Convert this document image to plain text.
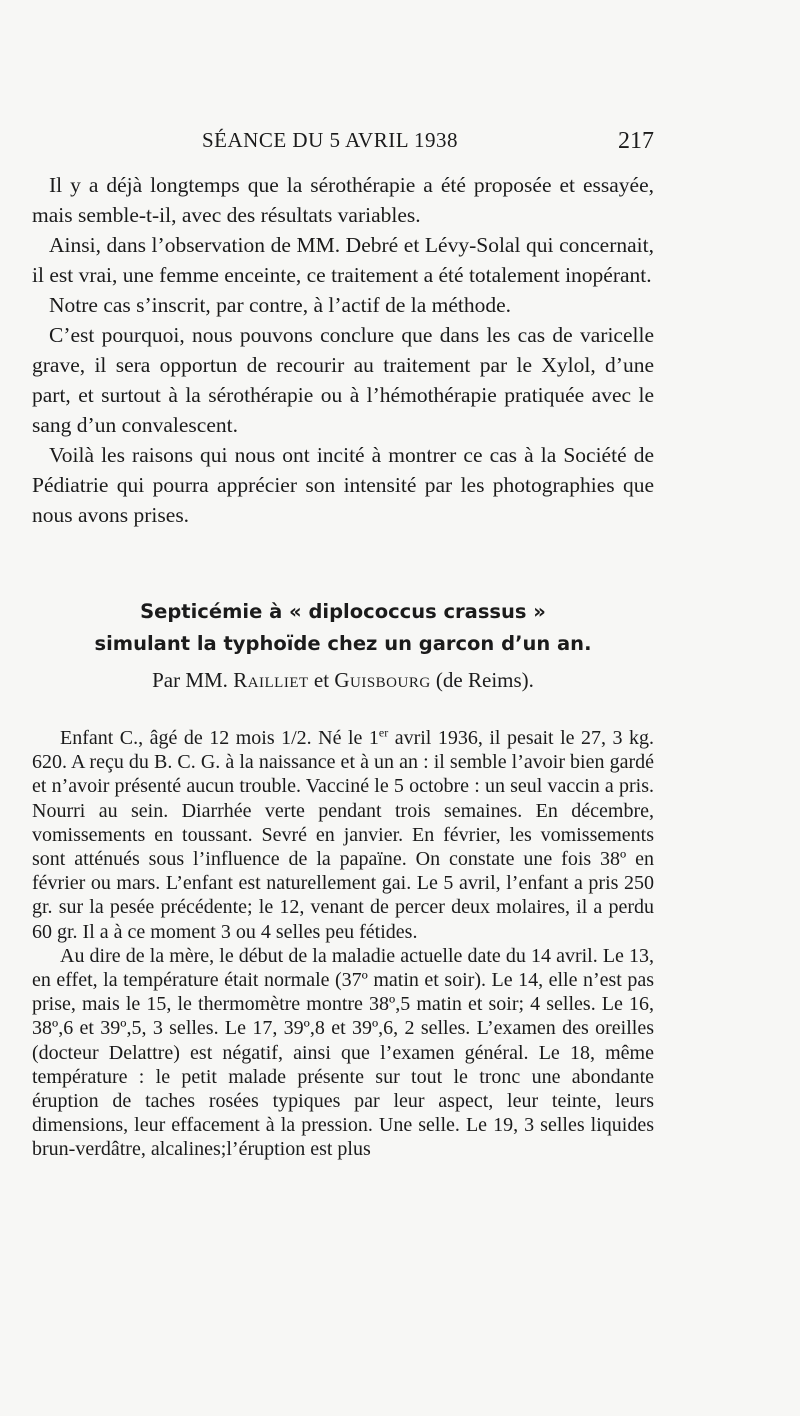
SÉANCE DU 5 AVRIL 1938	217

Il y a déjà longtemps que la sérothérapie a été proposée et essayée, mais semble-t-il, avec des résultats variables.

Ainsi, dans l’observation de MM. Debré et Lévy-Solal qui concernait, il est vrai, une femme enceinte, ce traitement a été totalement inopérant.

Notre cas s’inscrit, par contre, à l’actif de la méthode.

C’est pourquoi, nous pouvons conclure que dans les cas de varicelle grave, il sera opportun de recourir au traitement par le Xylol, d’une part, et surtout à la sérothérapie ou à l’hémothérapie pratiquée avec le sang d’un convalescent.

Voilà les raisons qui nous ont incité à montrer ce cas à la Société de Pédiatrie qui pourra apprécier son intensité par les photographies que nous avons prises.

Septicémie à « diplococcus crassus »
simulant la typhoïde chez un garcon d’un an.
Par MM. Railliet et Guisbourg (de Reims).

Enfant C., âgé de 12 mois 1/2. Né le 1er avril 1936, il pesait le 27, 3 kg. 620. A reçu du B. C. G. à la naissance et à un an : il semble l’avoir bien gardé et n’avoir présenté aucun trouble. Vacciné le 5 octobre : un seul vaccin a pris. Nourri au sein. Diarrhée verte pendant trois semaines. En décembre, vomissements en toussant. Sevré en janvier. En février, les vomissements sont atténués sous l’influence de la papaïne. On constate une fois 38º en février ou mars. L’enfant est naturellement gai. Le 5 avril, l’enfant a pris 250 gr. sur la pesée précédente; le 12, venant de percer deux molaires, il a perdu 60 gr. Il a à ce moment 3 ou 4 selles peu fétides.

Au dire de la mère, le début de la maladie actuelle date du 14 avril. Le 13, en effet, la température était normale (37º matin et soir). Le 14, elle n’est pas prise, mais le 15, le thermomètre montre 38º,5 matin et soir; 4 selles. Le 16, 38º,6 et 39º,5, 3 selles. Le 17, 39º,8 et 39º,6, 2 selles. L’examen des oreilles (docteur Delattre) est négatif, ainsi que l’examen général. Le 18, même température : le petit malade présente sur tout le tronc une abondante éruption de taches rosées typiques par leur aspect, leur teinte, leurs dimensions, leur effacement à la pression. Une selle. Le 19, 3 selles liquides brun-verdâtre, alcalines;l’éruption est plus
